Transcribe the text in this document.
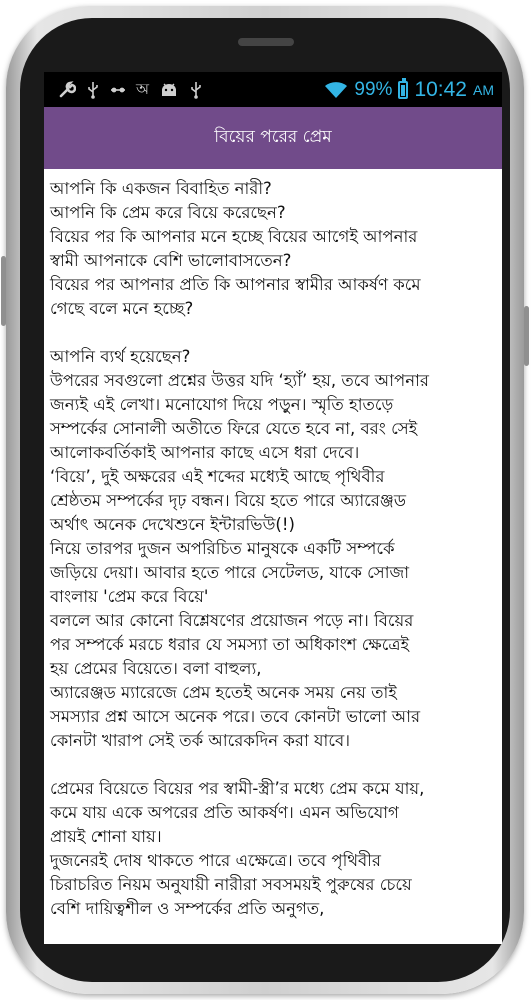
অ	99% 10:42 AM
বিয়ের পরের প্রেম
আপনি কি একজন বিবাহিত নারী?
আপনি কি প্রেম করে বিয়ে করেছেন?
বিয়ের পর কি আপনার মনে হচ্ছে বিয়ের আগেই আপনার
স্বামী আপনাকে বেশি ভালোবাসতেন?
বিয়ের পর আপনার প্রতি কি আপনার স্বামীর আকর্ষণ কমে
গেছে বলে মনে হচ্ছে?
আপনি ব্যর্থ হয়েছেন?
উপরের সবগুলো প্রশ্নের উত্তর যদি ‘হ্যাঁ’ হয়, তবে আপনার
জন্যই এই লেখা। মনোযোগ দিয়ে পড়ুন। স্মৃতি হাতড়ে
সম্পর্কের সোনালী অতীতে ফিরে যেতে হবে না, বরং সেই
আলোকবর্তিকাই আপনার কাছে এসে ধরা দেবে।
‘বিয়ে’, দুই অক্ষরের এই শব্দের মধ্যেই আছে পৃথিবীর
শ্রেষ্ঠতম সম্পর্কের দৃঢ় বন্ধন। বিয়ে হতে পারে অ্যারেঞ্জড
অর্থাৎ অনেক দেখেশুনে ইন্টারভিউ(!)
নিয়ে তারপর দুজন অপরিচিত মানুষকে একটি সম্পর্কে
জড়িয়ে দেয়া। আবার হতে পারে সেটেলড, যাকে সোজা
বাংলায় 'প্রেম করে বিয়ে'
বললে আর কোনো বিশ্লেষণের প্রয়োজন পড়ে না। বিয়ের
পর সম্পর্কে মরচে ধরার যে সমস্যা তা অধিকাংশ ক্ষেত্রেই
হয় প্রেমের বিয়েতে। বলা বাহুল্য,
অ্যারেঞ্জড ম্যারেজে প্রেম হতেই অনেক সময় নেয় তাই
সমস্যার প্রশ্ন আসে অনেক পরে। তবে কোনটা ভালো আর
কোনটা খারাপ সেই তর্ক আরেকদিন করা যাবে।
প্রেমের বিয়েতে বিয়ের পর স্বামী-স্ত্রী’র মধ্যে প্রেম কমে যায়,
কমে যায় একে অপরের প্রতি আকর্ষণ। এমন অভিযোগ
প্রায়ই শোনা যায়।
দুজনেরই দোষ থাকতে পারে এক্ষেত্রে। তবে পৃথিবীর
চিরাচরিত নিয়ম অনুযায়ী নারীরা সবসময়ই পুরুষের চেয়ে
বেশি দায়িত্বশীল ও সম্পর্কের প্রতি অনুগত,
